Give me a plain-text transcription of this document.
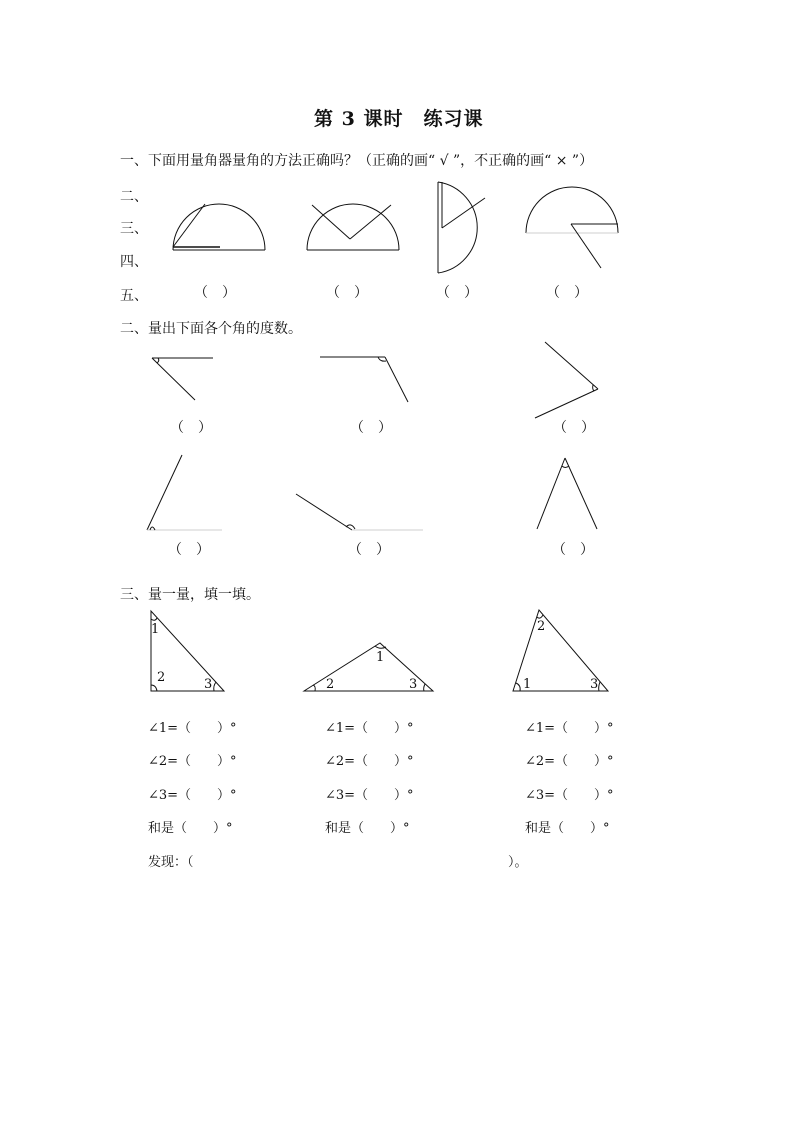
第 3 课时　练习课
一、下面用量角器量角的方法正确吗？（正确的画“ √ ”，不正确的画“ × ”）
二、
三、
四、
五、	（　）	（　）	（　）	（　）
二、量出下面各个角的度数。
（　）	（　）	（　）
（　）	（　）	（　）
三、量一量，填一填。
1
2	3
1
2	3	1
2
3
∠1=（　　）°
∠2=（　　）°
∠3=（　　）°
和是（　　）°
∠1=（　　）°
∠2=（　　）°
∠3=（　　）°
和是（　　）°
∠1=（　　）°
∠2=（　　）°
∠3=（　　）°
和是（　　）°
发现：（	）。
